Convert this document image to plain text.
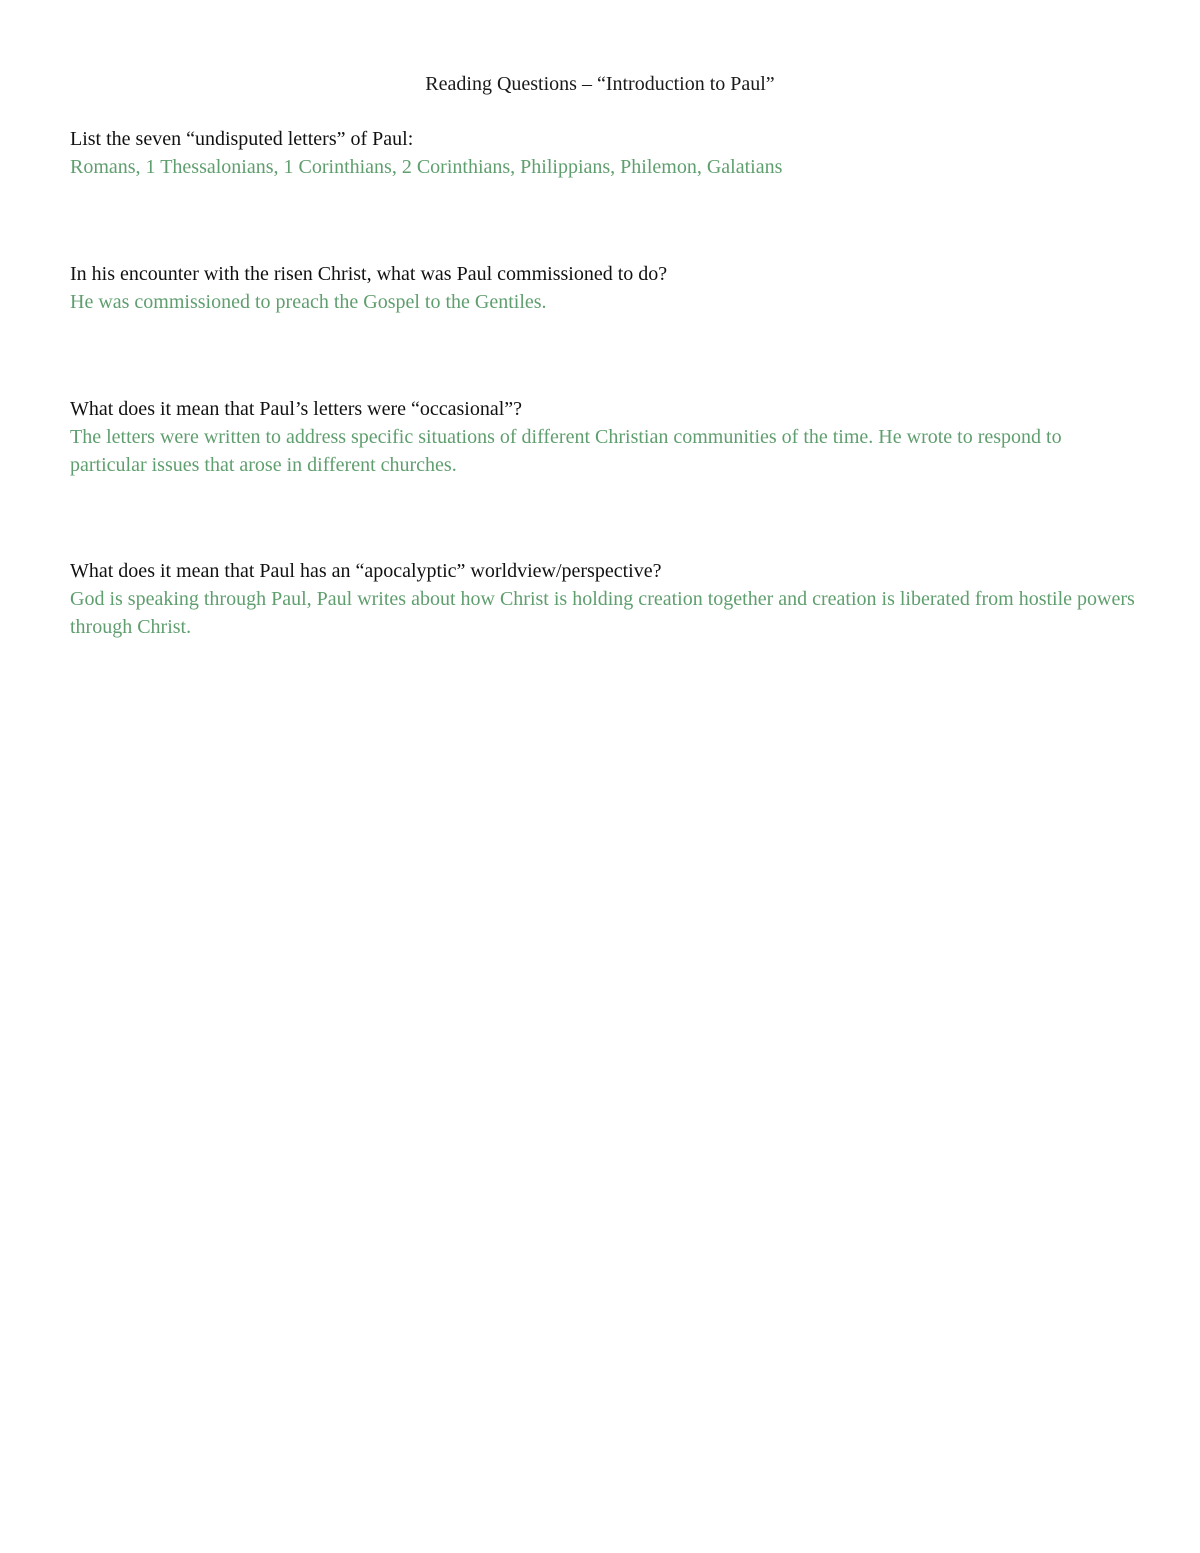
Reading Questions – “Introduction to Paul”

List the seven “undisputed letters” of Paul:

Romans, 1 Thessalonians, 1 Corinthians, 2 Corinthians, Philippians, Philemon, Galatians

In his encounter with the risen Christ, what was Paul commissioned to do?

He was commissioned to preach the Gospel to the Gentiles.

What does it mean that Paul’s letters were “occasional”?

The letters were written to address specific situations of different Christian communities of the time. He wrote to respond to particular issues that arose in different churches.

What does it mean that Paul has an “apocalyptic” worldview/perspective?

God is speaking through Paul, Paul writes about how Christ is holding creation together and creation is liberated from hostile powers through Christ.
